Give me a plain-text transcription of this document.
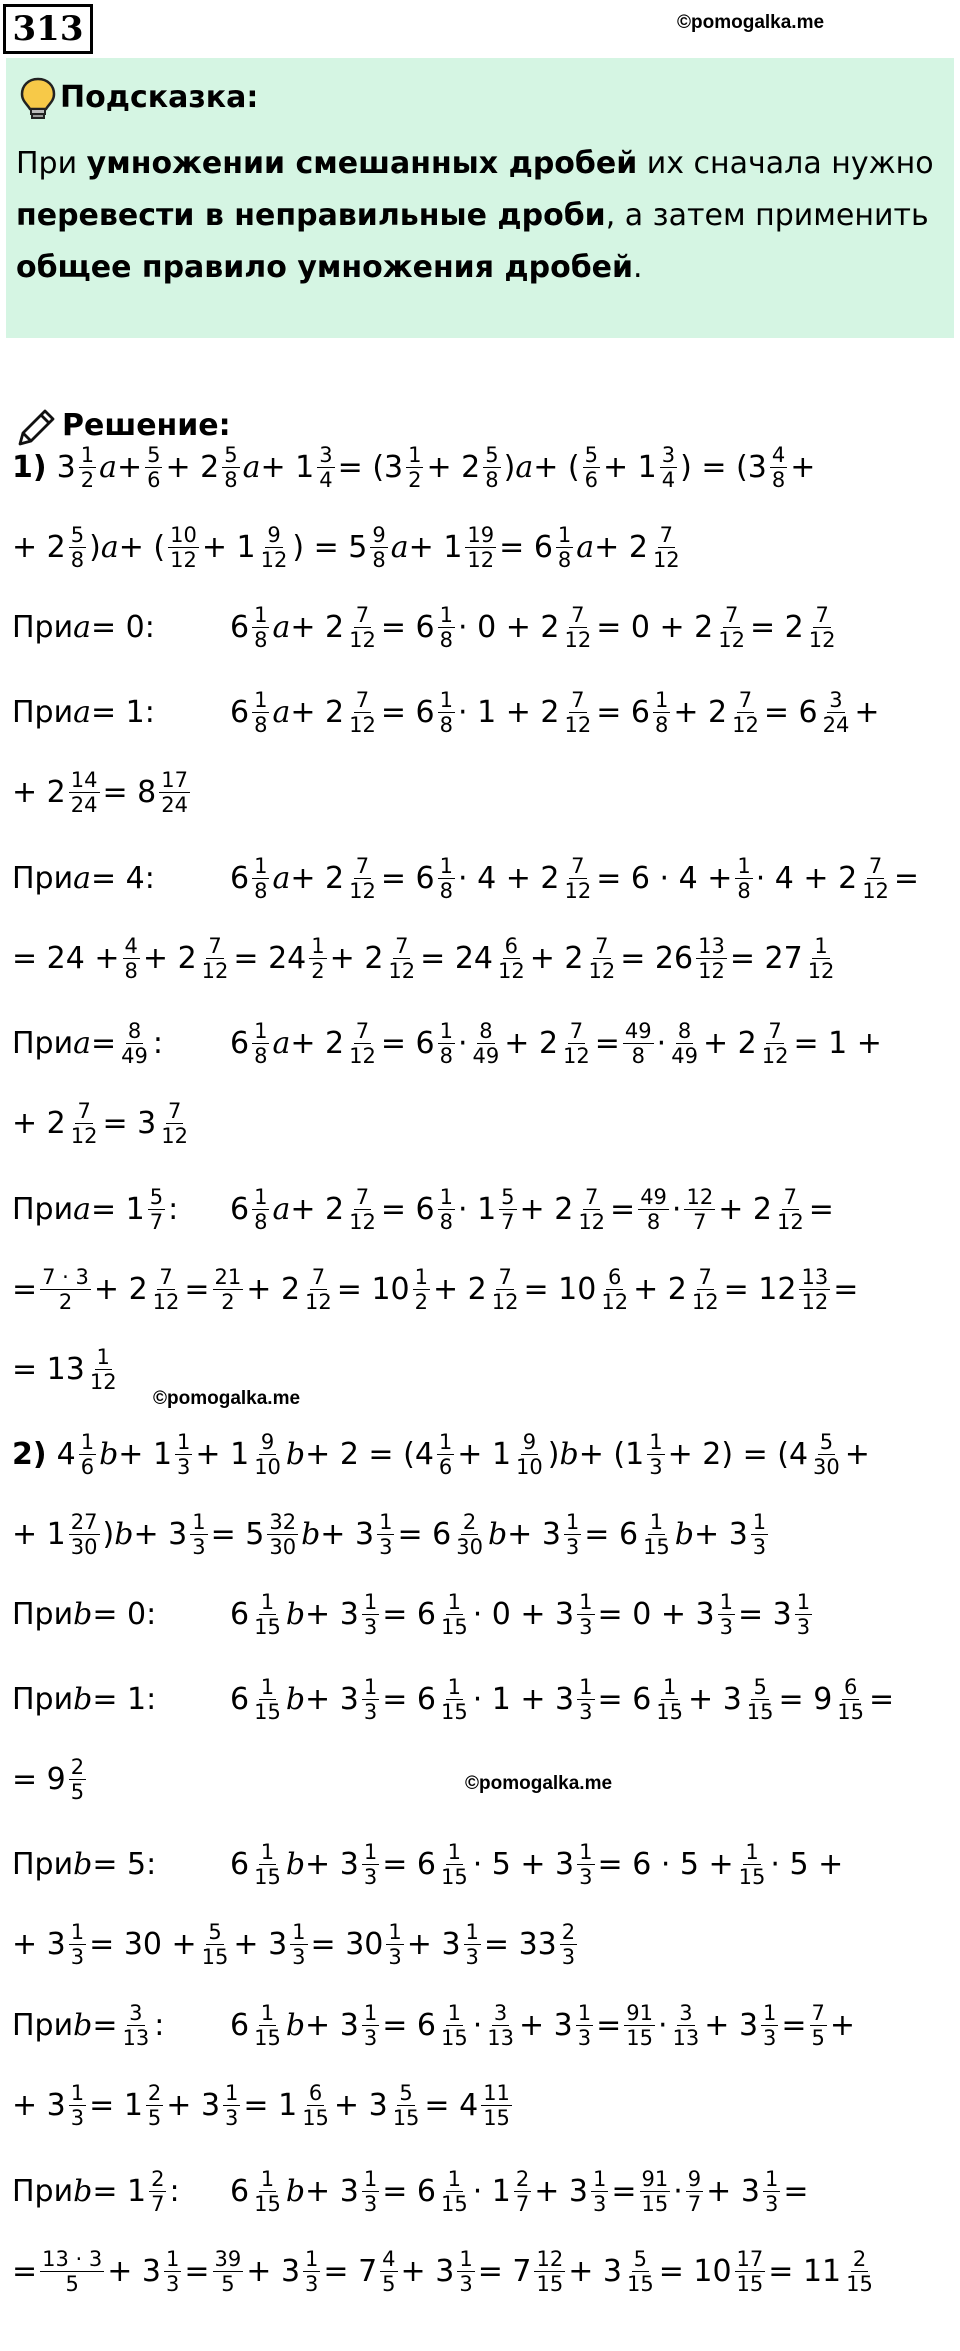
313	©pomogalka.me
Подсказка:
При умножении смешанных дробей их сначала нужно перевести в неправильные дроби, а затем применить общее правило умножения дробей.
Решение:
1) 3 1
2 a + 5
6 + 2 5
8 a + 1 3
4 = (3 1
2 + 2 5
8 ) a + ( 5
6 + 1 3
4 ) = (3 4
8 +
+ 2 5
8 ) a + ( 10
12 + 1 9
12 ) = 5 9
8 a + 1 19
12 = 6 1
8 a + 2 7
12
При a = 0:	6 1
8 a + 2 7
12 = 6 1
8 · 0 + 2 7
12 = 0 + 2 7
12 = 2 7
12
При a = 1:	6 1
8 a + 2 7
12 = 6 1
8 · 1 + 2 7
12 = 6 1
8 + 2 7
12 = 6 3
24 +
+ 2 14
24 = 8 17
24
При a = 4:	6 1
8 a + 2 7
12 = 6 1
8 · 4 + 2 7
12 = 6 · 4 + 1
8 · 4 + 2 7
12 =
= 24 + 4
8 + 2 7
12 = 24 1
2 + 2 7
12 = 24 6
12 + 2 7
12 = 26 13
12 = 27 1
12
При a = 8
49 :	6 1
8 a + 2 7
12 = 6 1
8 · 8
49 + 2 7
12 = 49
8 · 8
49 + 2 7
12 = 1 +
+ 2 7
12 = 3 7
12
При a = 1 5
7 :	6 1
8 a + 2 7
12 = 6 1
8 · 1 5
7 + 2 7
12 = 49
8 · 12
7 + 2 7
12 =
= 7 · 3
2 + 2 7
12 = 21
2 + 2 7
12 = 10 1
2 + 2 7
12 = 10 6
12 + 2 7
12 = 12 13
12 =
= 13 1
12
2) 4 1
6 b + 1 1
3 + 1 9
10 b + 2 = (4 1
6 + 1 9
10 ) b + (1 1
3 + 2) = (4 5
30 +
+ 1 27
30 ) b + 3 1
3 = 5 32
30 b + 3 1
3 = 6 2
30 b + 3 1
3 = 6 1
15 b + 3 1
3
При b = 0:	6 1
15 b + 3 1
3 = 6 1
15 · 0 + 3 1
3 = 0 + 3 1
3 = 3 1
3
При b = 1:	6 1
15 b + 3 1
3 = 6 1
15 · 1 + 3 1
3 = 6 1
15 + 3 5
15 = 9 6
15 =
= 9 2
5
При b = 5:	6 1
15 b + 3 1
3 = 6 1
15 · 5 + 3 1
3 = 6 · 5 + 1
15 · 5 +
+ 3 1
3 = 30 + 5
15 + 3 1
3 = 30 1
3 + 3 1
3 = 33 2
3
При b = 3
13 :	6 1
15 b + 3 1
3 = 6 1
15 · 3
13 + 3 1
3 = 91
15 · 3
13 + 3 1
3 = 7
5 +
+ 3 1
3 = 1 2
5 + 3 1
3 = 1 6
15 + 3 5
15 = 4 11
15
При b = 1 2
7 :	6 1
15 b + 3 1
3 = 6 1
15 · 1 2
7 + 3 1
3 = 91
15 · 9
7 + 3 1
3 =
= 13 · 3
5 + 3 1
3 = 39
5 + 3 1
3 = 7 4
5 + 3 1
3 = 7 12
15 + 3 5
15 = 10 17
15 = 11 2
15
©pomogalka.me
©pomogalka.me
